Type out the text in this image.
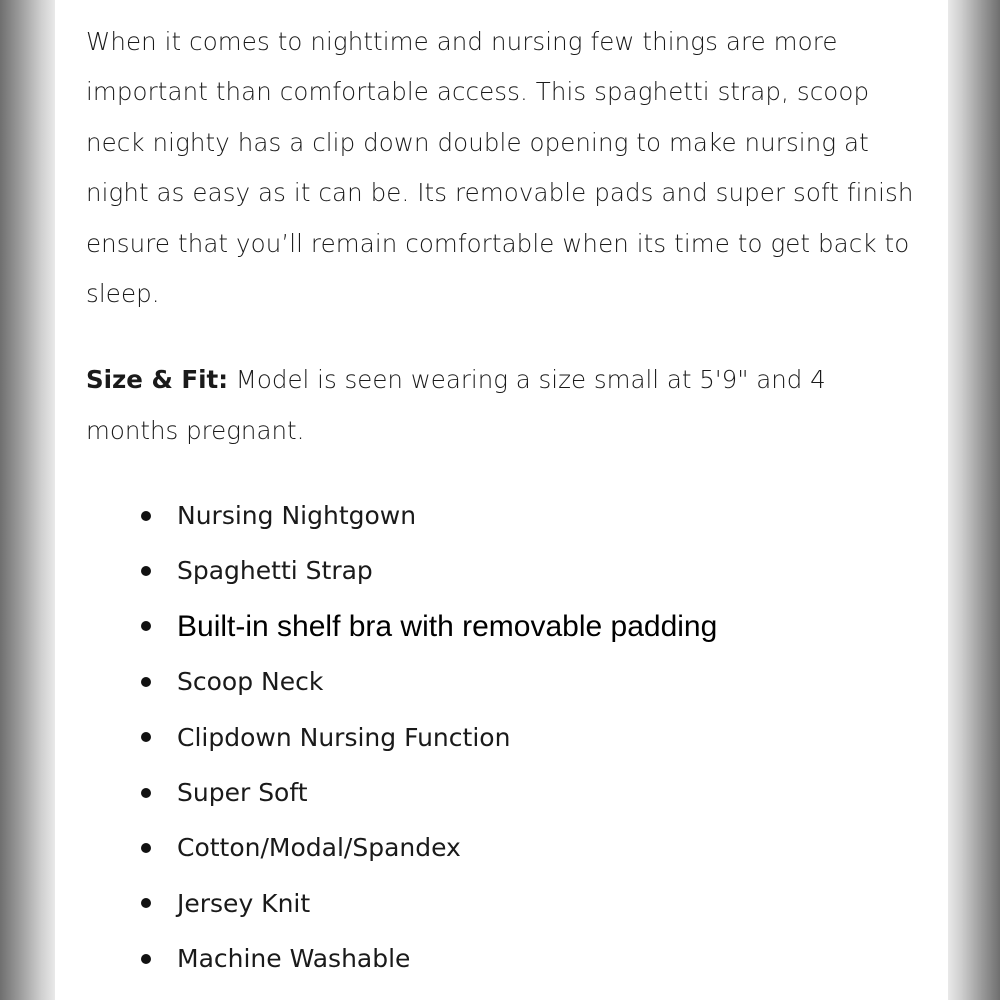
When it comes to nighttime and nursing few things are more important than comfortable access. This spaghetti strap, scoop neck nighty has a clip down double opening to make nursing at night as easy as it can be. Its removable pads and super soft finish ensure that you’ll remain comfortable when its time to get back to sleep.

Size & Fit: Model is seen wearing a size small at 5'9" and 4 months pregnant.

Nursing Nightgown
Spaghetti Strap
Built-in shelf bra with removable padding
Scoop Neck
Clipdown Nursing Function
Super Soft
Cotton/Modal/Spandex
Jersey Knit
Machine Washable
